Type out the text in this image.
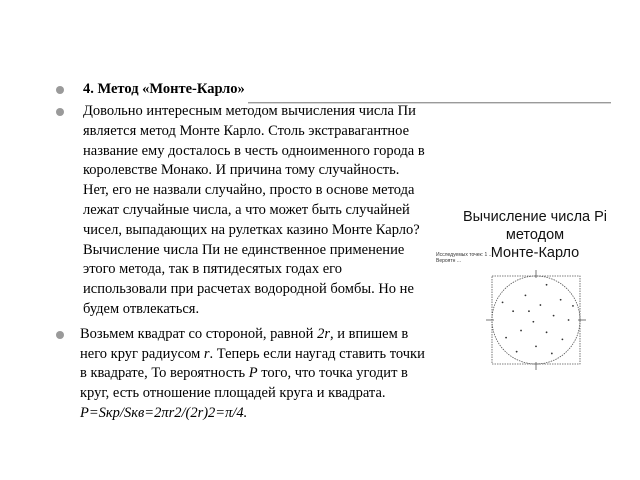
4. Метод «Монте-Карло»
Довольно интересным методом вычисления числа Пи является метод Монте Карло. Столь экстравагантное название ему досталось в честь одноименного города в королевстве Монако. И причина тому случайность. Нет, его не назвали случайно, просто в основе метода лежат случайные числа, а что может быть случайней чисел, выпадающих на рулетках казино Монте Карло? Вычисление числа Пи не единственное применение этого метода, так в пятидесятых годах его использовали при расчетах водородной бомбы. Но не будем отвлекаться.
Возьмем квадрат со стороной, равной 2r, и впишем в него круг радиусом r. Теперь если наугад ставить точки в квадрате, То вероятность P того, что точка угодит в круг, есть отношение площадей круга и квадрата. P=Sкр/Sкв=2πr2/(2r)2=π/4.
Вычисление числа Pi методом
Монте-Карло
Исследуемых точек: 1 ...
Вероятн ...
